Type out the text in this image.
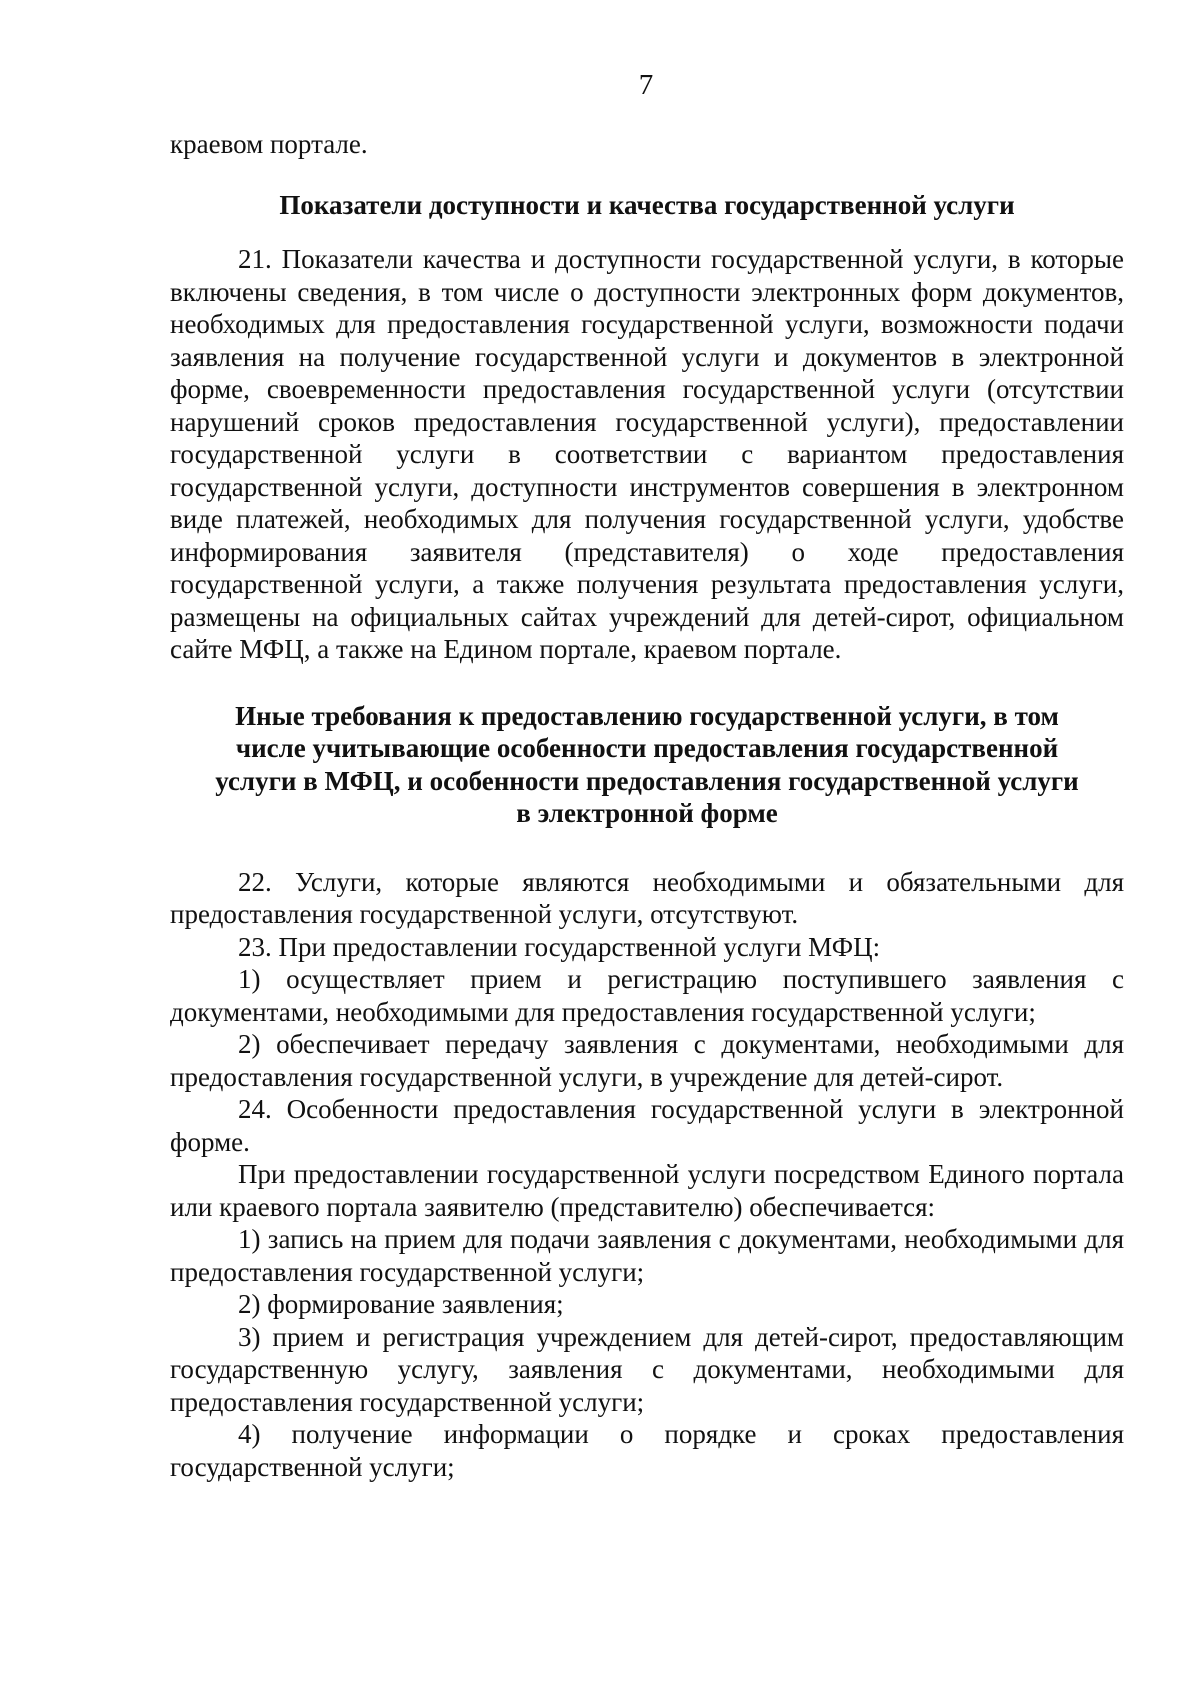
7

краевом портале.

Показатели доступности и качества государственной услуги

21. Показатели качества и доступности государственной услуги, в которые включены сведения, в том числе о доступности электронных форм документов, необходимых для предоставления государственной услуги, возможности подачи заявления на получение государственной услуги и документов в электронной форме, своевременности предоставления государственной услуги (отсутствии нарушений сроков предоставления государственной услуги), предоставлении государственной услуги в соответствии с вариантом предоставления государственной услуги, доступности инструментов совершения в электронном виде платежей, необходимых для получения государственной услуги, удобстве информирования заявителя (представителя) о ходе предоставления государственной услуги, а также получения результата предоставления услуги, размещены на официальных сайтах учреждений для детей-сирот, официальном сайте МФЦ, а также на Едином портале, краевом портале.

Иные требования к предоставлению государственной услуги, в том

числе учитывающие особенности предоставления государственной

услуги в МФЦ, и особенности предоставления государственной услуги

в электронной форме

22. Услуги, которые являются необходимыми и обязательными для предоставления государственной услуги, отсутствуют.

23. При предоставлении государственной услуги МФЦ:

1) осуществляет прием и регистрацию поступившего заявления с документами, необходимыми для предоставления государственной услуги;

2) обеспечивает передачу заявления с документами, необходимыми для предоставления государственной услуги, в учреждение для детей-сирот.

24. Особенности предоставления государственной услуги в электронной форме.

При предоставлении государственной услуги посредством Единого портала или краевого портала заявителю (представителю) обеспечивается:

1) запись на прием для подачи заявления с документами, необходимыми для предоставления государственной услуги;

2) формирование заявления;

3) прием и регистрация учреждением для детей-сирот, предоставляющим государственную услугу, заявления с документами, необходимыми для предоставления государственной услуги;

4) получение информации о порядке и сроках предоставления государственной услуги;
